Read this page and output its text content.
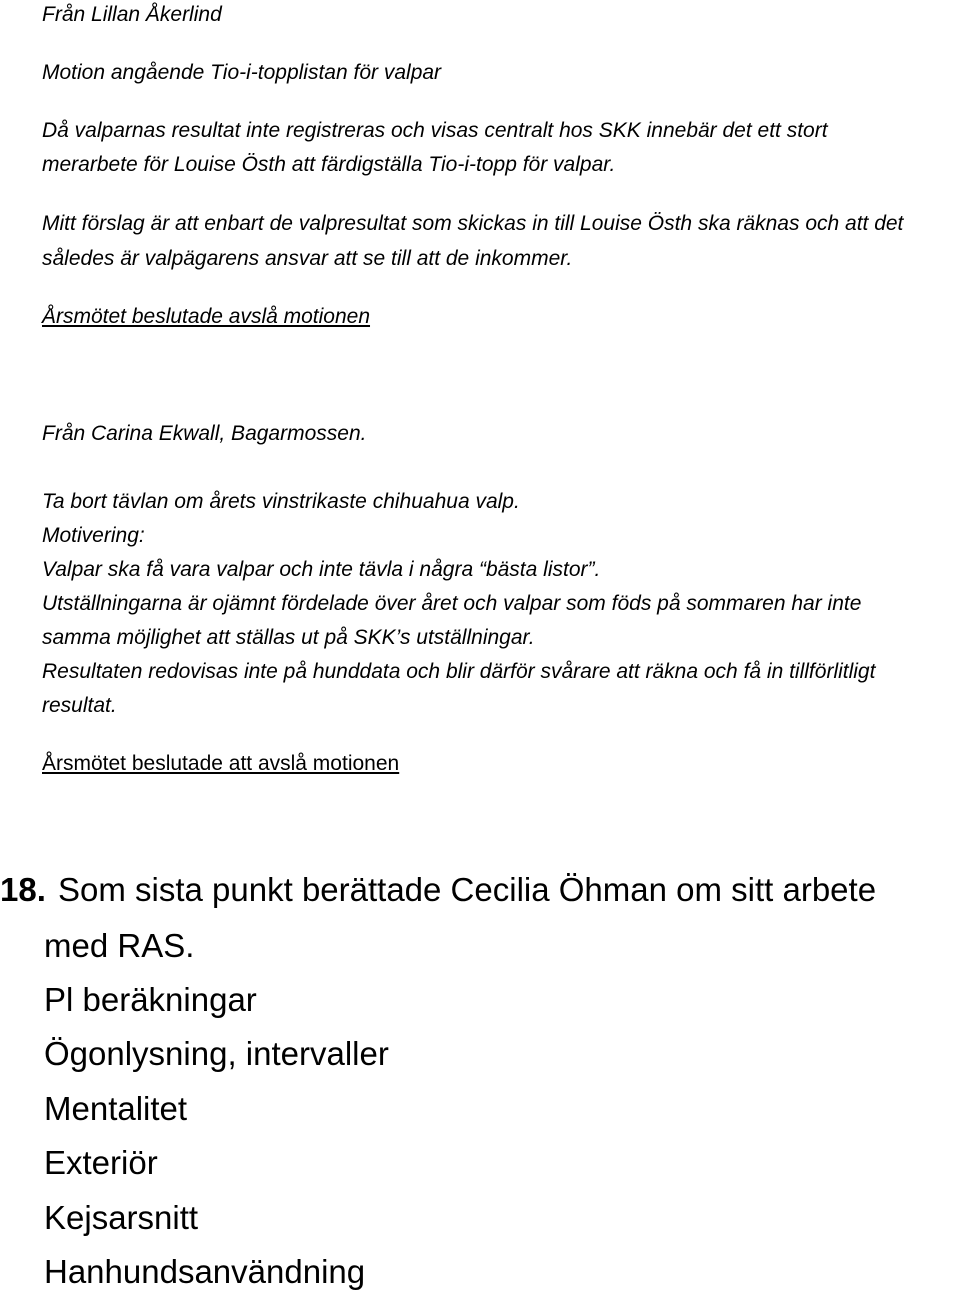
Från Lillan Åkerlind
Motion angående Tio-i-topplistan för valpar
Då valparnas resultat inte registreras och visas centralt hos SKK innebär det ett stort
merarbete för Louise Östh att färdigställa Tio-i-topp för valpar.
Mitt förslag är att enbart de valpresultat som skickas in till Louise Östh ska räknas och att det
således är valpägarens ansvar att se till att de inkommer.
Årsmötet beslutade avslå motionen
Från Carina Ekwall, Bagarmossen.
Ta bort tävlan om årets vinstrikaste chihuahua valp.
Motivering:
Valpar ska få vara valpar och inte tävla i några “bästa listor”.
Utställningarna är ojämnt fördelade över året och valpar som föds på sommaren har inte
samma möjlighet att ställas ut på SKK’s utställningar.
Resultaten redovisas inte på hunddata och blir därför svårare att räkna och få in tillförlitligt
resultat.
Årsmötet beslutade att avslå motionen
18. Som sista punkt berättade Cecilia Öhman om sitt arbete
med RAS.
Pl beräkningar
Ögonlysning, intervaller
Mentalitet
Exteriör
Kejsarsnitt
Hanhundsanvändning
